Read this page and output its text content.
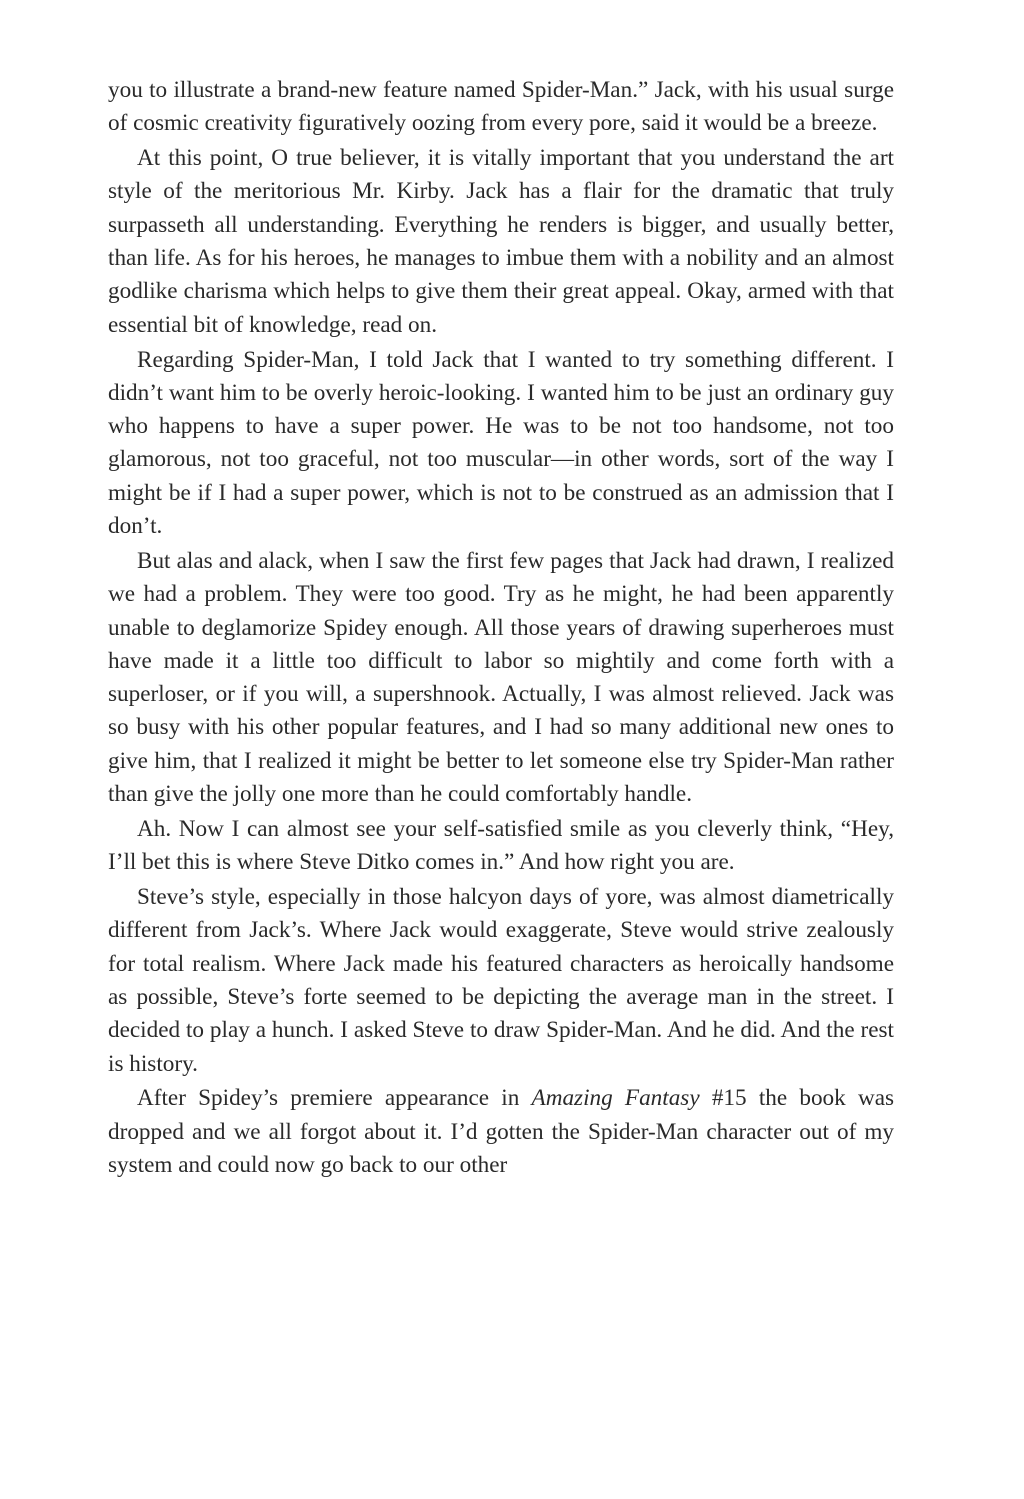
you to illustrate a brand-new feature named Spider-Man.” Jack, with his usual surge of cosmic creativity figuratively oozing from every pore, said it would be a breeze.

At this point, O true believer, it is vitally important that you understand the art style of the meritorious Mr. Kirby. Jack has a flair for the dramatic that truly surpasseth all understanding. Everything he renders is bigger, and usually better, than life. As for his heroes, he manages to imbue them with a nobility and an almost godlike charisma which helps to give them their great appeal. Okay, armed with that essential bit of knowledge, read on.

Regarding Spider-Man, I told Jack that I wanted to try something different. I didn’t want him to be overly heroic-looking. I wanted him to be just an ordinary guy who happens to have a super power. He was to be not too handsome, not too glamorous, not too graceful, not too muscular—in other words, sort of the way I might be if I had a super power, which is not to be construed as an admission that I don’t.

But alas and alack, when I saw the first few pages that Jack had drawn, I realized we had a problem. They were too good. Try as he might, he had been apparently unable to deglamorize Spidey enough. All those years of drawing superheroes must have made it a little too difficult to labor so mightily and come forth with a superloser, or if you will, a supershnook. Actually, I was almost relieved. Jack was so busy with his other popular features, and I had so many additional new ones to give him, that I realized it might be better to let someone else try Spider-Man rather than give the jolly one more than he could comfortably handle.

Ah. Now I can almost see your self-satisfied smile as you cleverly think, “Hey, I’ll bet this is where Steve Ditko comes in.” And how right you are.

Steve’s style, especially in those halcyon days of yore, was almost diametrically different from Jack’s. Where Jack would exaggerate, Steve would strive zealously for total realism. Where Jack made his featured characters as heroically handsome as possible, Steve’s forte seemed to be depicting the average man in the street. I decided to play a hunch. I asked Steve to draw Spider-Man. And he did. And the rest is history.

After Spidey’s premiere appearance in Amazing Fantasy #15 the book was dropped and we all forgot about it. I’d gotten the Spider-Man character out of my system and could now go back to our other
